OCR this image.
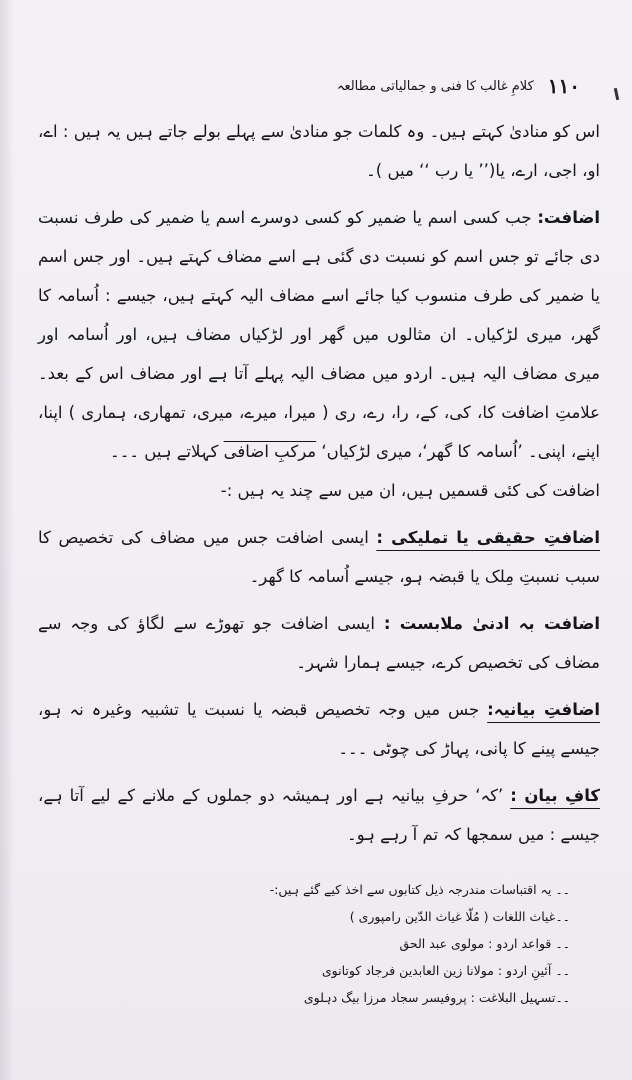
۱۱۰
کلامِ غالب کا فنی و جمالیاتی مطالعہ

اس کو منادیٰ کہتے ہیں۔ وہ کلمات جو منادیٰ سے پہلے بولے جاتے ہیں یہ ہیں : اے، او، اجی، ارے، یا(’’ یا رب ‘‘ میں )۔

اضافت: جب کسی اسم یا ضمیر کو کسی دوسرے اسم یا ضمیر کی طرف نسبت دی جائے تو جس اسم کو نسبت دی گئی ہے اسے مضاف کہتے ہیں۔ اور جس اسم یا ضمیر کی طرف منسوب کیا جائے اسے مضاف الیہ کہتے ہیں، جیسے : اُسامہ کا گھر، میری لڑکیاں۔ ان مثالوں میں گھر اور لڑکیاں مضاف ہیں، اور اُسامہ اور میری مضاف الیہ ہیں۔ اردو میں مضاف الیہ پہلے آتا ہے اور مضاف اس کے بعد۔ علامتِ اضافت کا، کی، کے، را، رے، ری ( میرا، میرے، میری، تمھاری، ہماری ) اپنا، اپنے، اپنی۔ ’اُسامہ کا گھر‘، میری لڑکیاں‘ مرکبِ اضافی کہلاتے ہیں ۔۔۔

اضافت کی کئی قسمیں ہیں، ان میں سے چند یہ ہیں :-

اضافتِ حقیقی یا تملیکی : ایسی اضافت جس میں مضاف کی تخصیص کا سبب نسبتِ مِلک یا قبضہ ہو، جیسے اُسامہ کا گھر۔

اضافت بہ ادنیٰ ملابست : ایسی اضافت جو تھوڑے سے لگاؤ کی وجہ سے مضاف کی تخصیص کرے، جیسے ہمارا شہر۔

اضافتِ بیانیہ: جس میں وجہ تخصیص قبضہ یا نسبت یا تشبیہ وغیرہ نہ ہو، جیسے پینے کا پانی، پہاڑ کی چوٹی ۔۔۔

کافِ بیان : ’کہ‘ حرفِ بیانیہ ہے اور ہمیشہ دو جملوں کے ملانے کے لیے آتا ہے، جیسے : میں سمجھا کہ تم آ رہے ہو۔

۔۔ یہ اقتباسات مندرجہ ذیل کتابوں سے اخذ کیے گئے ہیں:-
۔۔غیاث اللغات ( مُلّا غیاث الدّین رامپوری )
۔۔ قواعد اردو : مولوی عبد الحق
۔۔ آئینِ اردو : مولانا زین العابدین فرجاد کوتانوی
۔۔تسہیل البلاغت : پروفیسر سجاد مرزا بیگ دہلوی
